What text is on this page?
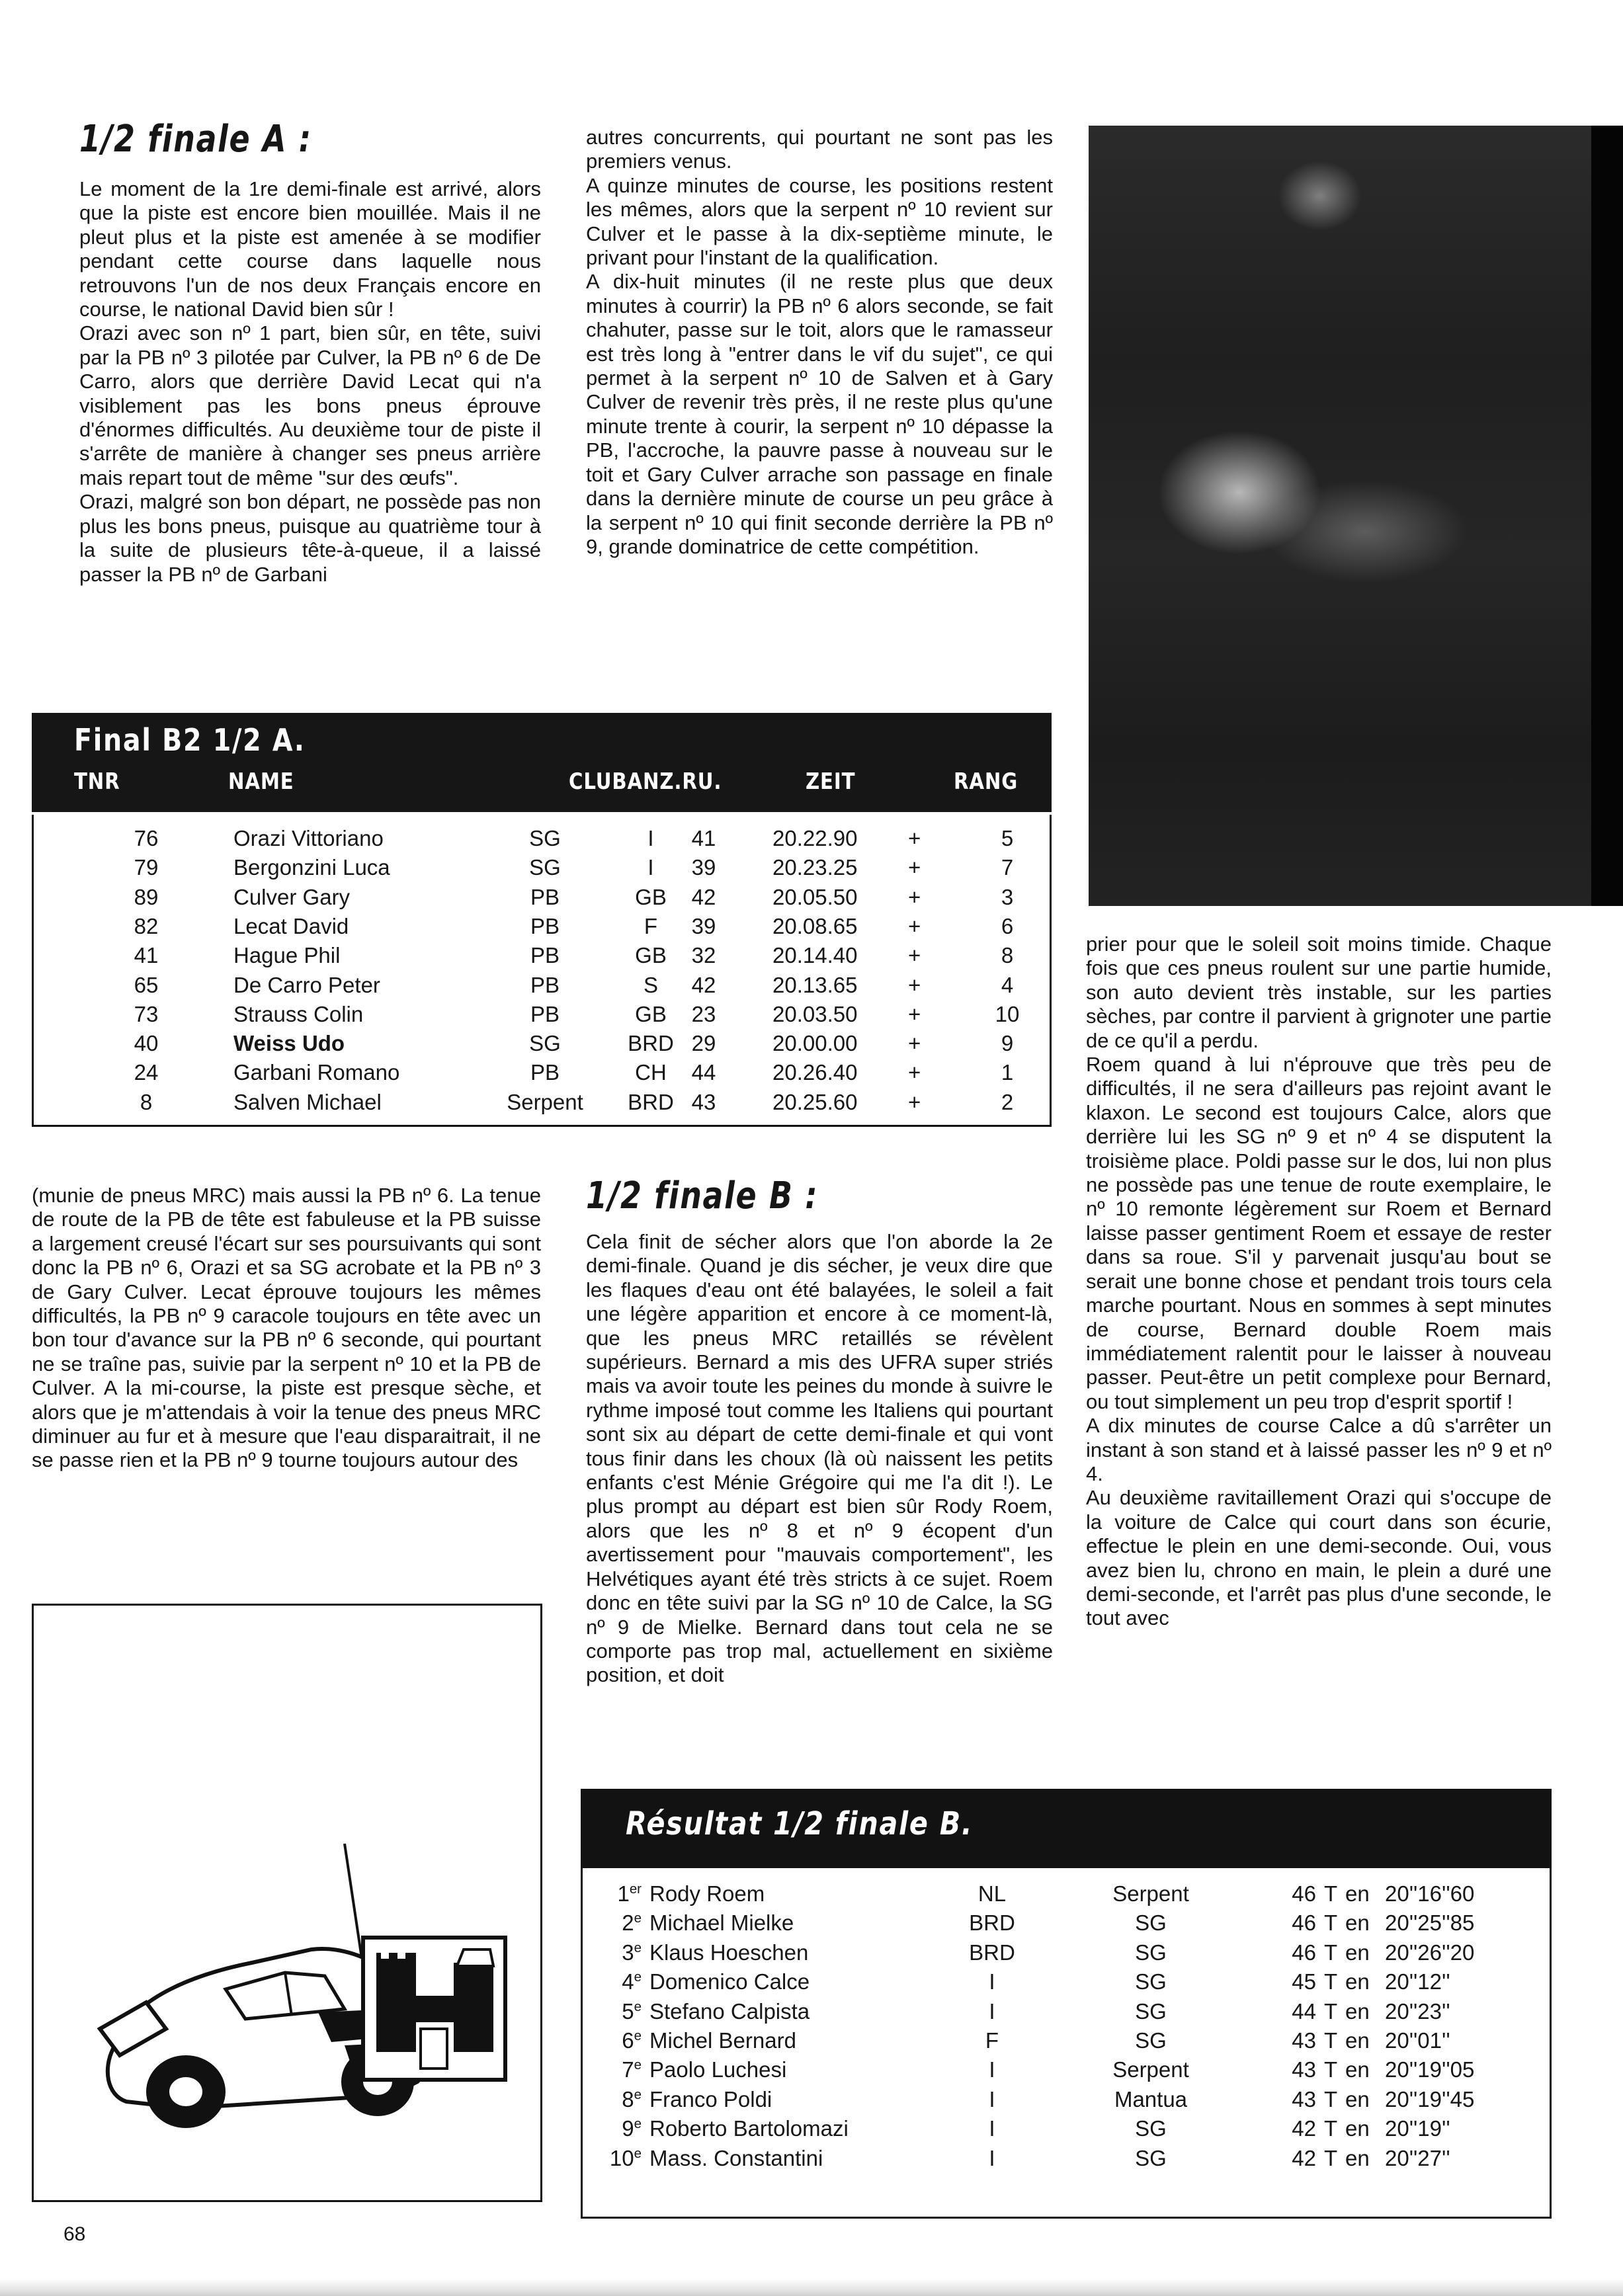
1/2 finale A :

Le moment de la 1re demi-finale est arrivé, alors que la piste est encore bien mouillée. Mais il ne pleut plus et la piste est amenée à se modifier pendant cette course dans laquelle nous retrouvons l'un de nos deux Français encore en course, le national David bien sûr !

Orazi avec son nº 1 part, bien sûr, en tête, suivi par la PB nº 3 pilotée par Culver, la PB nº 6 de De Carro, alors que derrière David Lecat qui n'a visiblement pas les bons pneus éprouve d'énormes difficultés. Au deuxième tour de piste il s'arrête de manière à changer ses pneus arrière mais repart tout de même "sur des œufs".

Orazi, malgré son bon départ, ne possède pas non plus les bons pneus, puisque au quatrième tour à la suite de plusieurs tête-à-queue, il a laissé passer la PB nº de Garbani

autres concurrents, qui pourtant ne sont pas les premiers venus.

A quinze minutes de course, les positions restent les mêmes, alors que la serpent nº 10 revient sur Culver et le passe à la dix-septième minute, le privant pour l'instant de la qualification.

A dix-huit minutes (il ne reste plus que deux minutes à courrir) la PB nº 6 alors seconde, se fait chahuter, passe sur le toit, alors que le ramasseur est très long à "entrer dans le vif du sujet", ce qui permet à la serpent nº 10 de Salven et à Gary Culver de revenir très près, il ne reste plus qu'une minute trente à courir, la serpent nº 10 dépasse la PB, l'accroche, la pauvre passe à nouveau sur le toit et Gary Culver arrache son passage en finale dans la dernière minute de course un peu grâce à la serpent nº 10 qui finit seconde derrière la PB nº 9, grande dominatrice de cette compétition.

Final B2 1/2 A.
TNR	NAME	CLUBANZ.RU.	ZEIT	RANG
76	Orazi Vittoriano	SG	I	41	20.22.90	+	5
79	Bergonzini Luca	SG	I	39	20.23.25	+	7
89	Culver Gary	PB	GB	42	20.05.50	+	3
82	Lecat David	PB	F	39	20.08.65	+	6
41	Hague Phil	PB	GB	32	20.14.40	+	8
65	De Carro Peter	PB	S	42	20.13.65	+	4
73	Strauss Colin	PB	GB	23	20.03.50	+	10
40	Weiss Udo	SG	BRD 29	20.00.00	+	9
24	Garbani Romano	PB	CH	44	20.26.40	+	1
8	Salven Michael	Serpent	BRD 43	20.25.60	+	2

(munie de pneus MRC) mais aussi la PB nº 6. La tenue de route de la PB de tête est fabuleuse et la PB suisse a largement creusé l'écart sur ses poursuivants qui sont donc la PB nº 6, Orazi et sa SG acrobate et la PB nº 3 de Gary Culver. Lecat éprouve toujours les mêmes difficultés, la PB nº 9 caracole toujours en tête avec un bon tour d'avance sur la PB nº 6 seconde, qui pourtant ne se traîne pas, suivie par la serpent nº 10 et la PB de Culver. A la mi-course, la piste est presque sèche, et alors que je m'attendais à voir la tenue des pneus MRC diminuer au fur et à mesure que l'eau disparaitrait, il ne se passe rien et la PB nº 9 tourne toujours autour des

1/2 finale B :

Cela finit de sécher alors que l'on aborde la 2e demi-finale. Quand je dis sécher, je veux dire que les flaques d'eau ont été balayées, le soleil a fait une légère apparition et encore à ce moment-là, que les pneus MRC retaillés se révèlent supérieurs. Bernard a mis des UFRA super striés mais va avoir toute les peines du monde à suivre le rythme imposé tout comme les Italiens qui pourtant sont six au départ de cette demi-finale et qui vont tous finir dans les choux (là où naissent les petits enfants c'est Ménie Grégoire qui me l'a dit !). Le plus prompt au départ est bien sûr Rody Roem, alors que les nº 8 et nº 9 écopent d'un avertissement pour "mauvais comportement", les Helvétiques ayant été très stricts à ce sujet. Roem donc en tête suivi par la SG nº 10 de Calce, la SG nº 9 de Mielke. Bernard dans tout cela ne se comporte pas trop mal, actuellement en sixième position, et doit

prier pour que le soleil soit moins timide. Chaque fois que ces pneus roulent sur une partie humide, son auto devient très instable, sur les parties sèches, par contre il parvient à grignoter une partie de ce qu'il a perdu.

Roem quand à lui n'éprouve que très peu de difficultés, il ne sera d'ailleurs pas rejoint avant le klaxon. Le second est toujours Calce, alors que derrière lui les SG nº 9 et nº 4 se disputent la troisième place. Poldi passe sur le dos, lui non plus ne possède pas une tenue de route exemplaire, le nº 10 remonte légèrement sur Roem et Bernard laisse passer gentiment Roem et essaye de rester dans sa roue. S'il y parvenait jusqu'au bout se serait une bonne chose et pendant trois tours cela marche pourtant. Nous en sommes à sept minutes de course, Bernard double Roem mais immédiatement ralentit pour le laisser à nouveau passer. Peut-être un petit complexe pour Bernard, ou tout simplement un peu trop d'esprit sportif !

A dix minutes de course Calce a dû s'arrêter un instant à son stand et à laissé passer les nº 9 et nº 4.

Au deuxième ravitaillement Orazi qui s'occupe de la voiture de Calce qui court dans son écurie, effectue le plein en une demi-seconde. Oui, vous avez bien lu, chrono en main, le plein a duré une demi-seconde, et l'arrêt pas plus d'une seconde, le tout avec

Résultat 1/2 finale B.
1er Rody Roem	NL	Serpent	46 T en 20''16''60
2e Michael Mielke	BRD	SG	46 T en 20''25''85
3e Klaus Hoeschen	BRD	SG	46 T en 20''26''20
4e Domenico Calce	I	SG	45 T en 20''12''
5e Stefano Calpista	I	SG	44 T en 20''23''
6e Michel Bernard	F	SG	43 T en 20''01''
7e Paolo Luchesi	I	Serpent	43 T en 20''19''05
8e Franco Poldi	I	Mantua	43 T en 20''19''45
9e Roberto Bartolomazi	I	SG	42 T en 20''19''
10e Mass. Constantini	I	SG	42 T en 20''27''
68
